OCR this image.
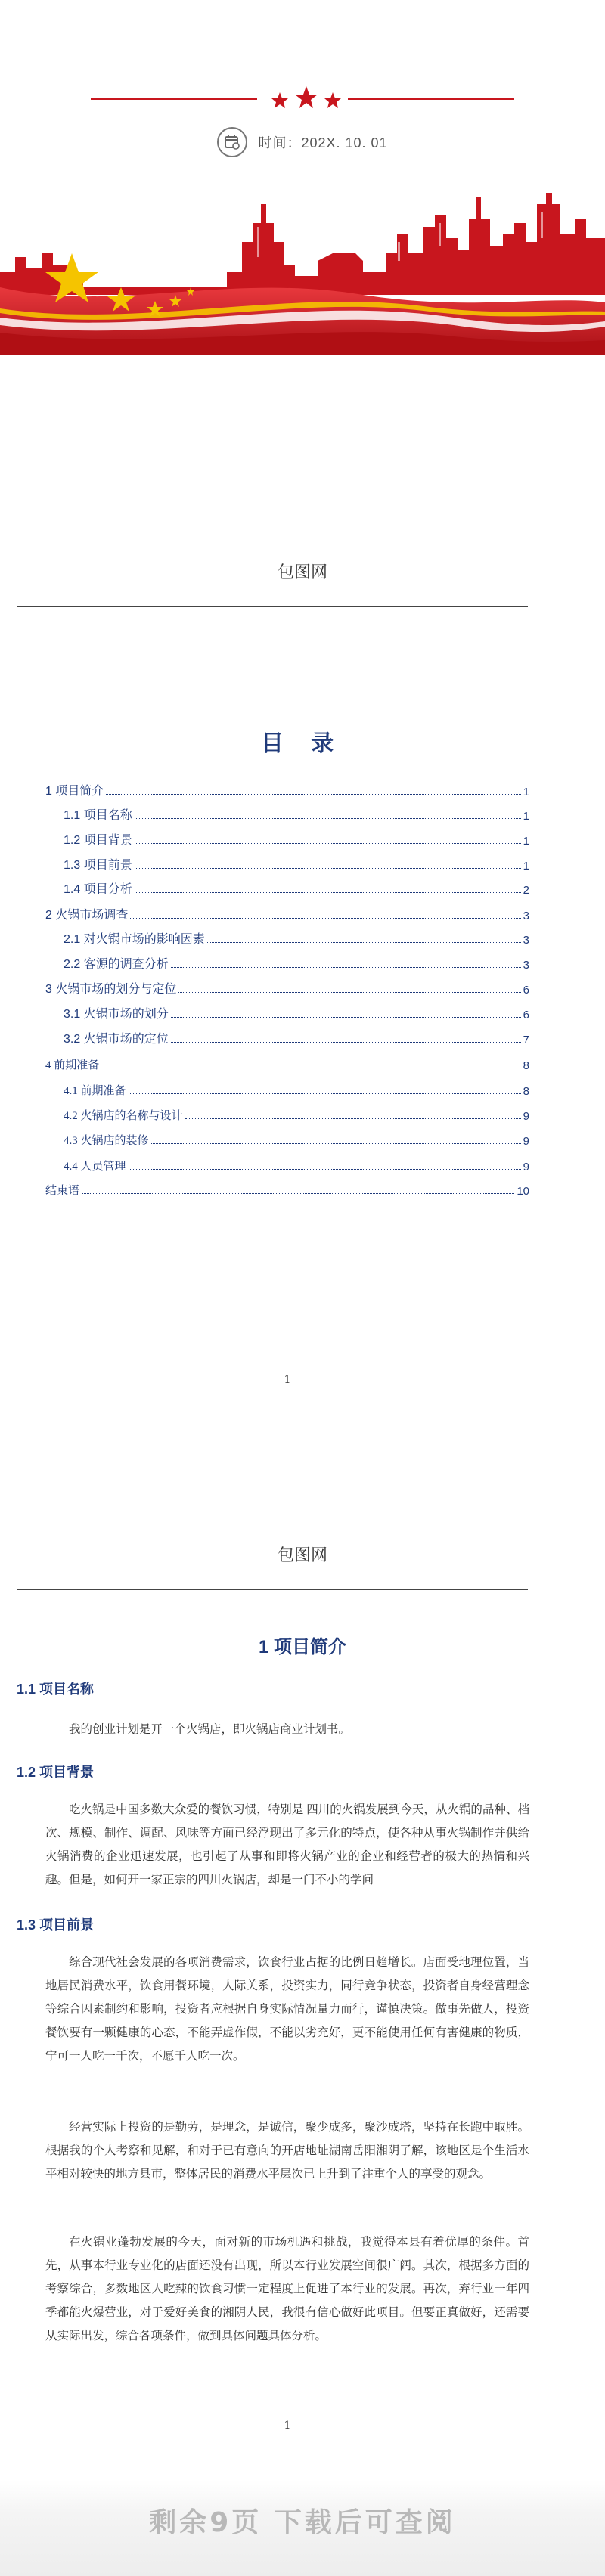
时间：202X. 10. 01
包图网
目 录
1 项目简介	1
1.1 项目名称	1
1.2 项目背景	1
1.3 项目前景	1
1.4 项目分析	2
2 火锅市场调查	3
2.1 对火锅市场的影响因素	3
2.2 客源的调查分析	3
3 火锅市场的划分与定位	6
3.1 火锅市场的划分	6
3.2 火锅市场的定位	7
4 前期准备	8
4.1 前期准备	8
4.2 火锅店的名称与设计	9
4.3 火锅店的装修	9
4.4 人员管理	9
结束语	10
1
包图网
1 项目简介
1.1 项目名称
我的创业计划是开一个火锅店，即火锅店商业计划书。
1.2 项目背景
吃火锅是中国多数大众爱的餐饮习惯，特别是 四川的火锅发展到今天，从火锅的品种、档次、规模、制作、调配、风味等方面已经浮现出了多元化的特点，使各种从事火锅制作并供给火锅消费的企业迅速发展，也引起了从事和即将火锅产业的企业和经营者的极大的热情和兴趣。但是，如何开一家正宗的四川火锅店，却是一门不小的学问
1.3 项目前景
综合现代社会发展的各项消费需求，饮食行业占据的比例日趋增长。店面受地理位置，当地居民消费水平，饮食用餐环境，人际关系，投资实力，同行竞争状态，投资者自身经营理念等综合因素制约和影响，投资者应根据自身实际情况量力而行，谨慎决策。做事先做人，投资餐饮要有一颗健康的心态，不能弄虚作假，不能以劣充好，更不能使用任何有害健康的物质，宁可一人吃一千次，不愿千人吃一次。
经营实际上投资的是勤劳，是理念，是诚信，聚少成多，聚沙成塔，坚持在长跑中取胜。根据我的个人考察和见解，和对于已有意向的开店地址湖南岳阳湘阴了解，该地区是个生活水平相对较快的地方县市，整体居民的消费水平层次已上升到了注重个人的享受的观念。
在火锅业蓬勃发展的今天，面对新的市场机遇和挑战，我觉得本县有着优厚的条件。首先，从事本行业专业化的店面还没有出现，所以本行业发展空间很广阔。其次，根据多方面的考察综合，多数地区人吃辣的饮食习惯一定程度上促进了本行业的发展。再次，弃行业一年四季都能火爆营业，对于爱好美食的湘阴人民，我很有信心做好此项目。但要正真做好，还需要从实际出发，综合各项条件，做到具体问题具体分析。
1
剩余9页 下载后可查阅
